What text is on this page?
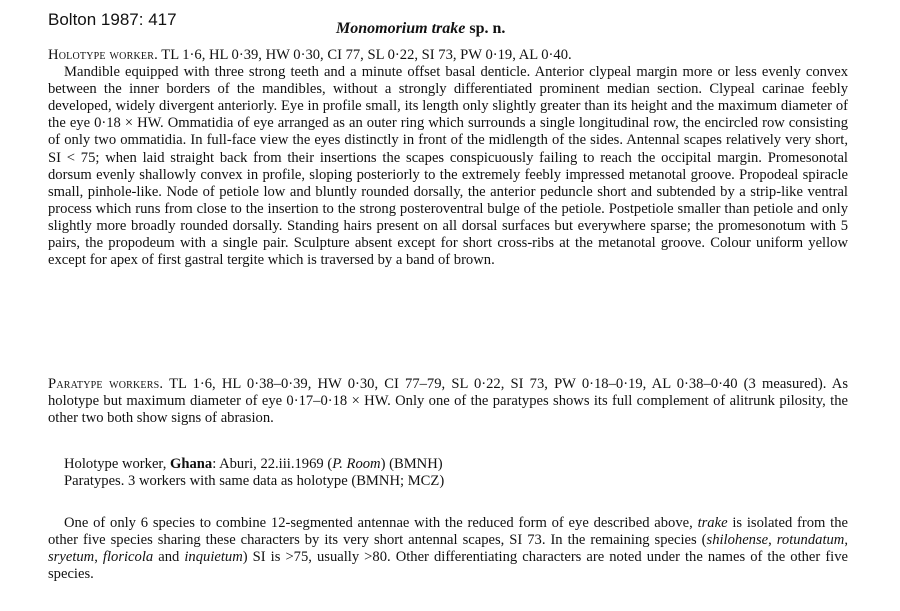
Bolton 1987: 417	Monomorium trake sp. n.
Holotype worker. TL 1·6, HL 0·39, HW 0·30, CI 77, SL 0·22, SI 73, PW 0·19, AL 0·40.
Mandible equipped with three strong teeth and a minute offset basal denticle. Anterior clypeal margin more or less evenly convex between the inner borders of the mandibles, without a strongly differentiated prominent median section. Clypeal carinae feebly developed, widely divergent anteriorly. Eye in profile small, its length only slightly greater than its height and the maximum diameter of the eye 0·18 × HW. Ommatidia of eye arranged as an outer ring which surrounds a single longitudinal row, the encircled row consisting of only two ommatidia. In full-face view the eyes distinctly in front of the midlength of the sides. Antennal scapes relatively very short, SI < 75; when laid straight back from their insertions the scapes conspicuously failing to reach the occipital margin. Promesonotal dorsum evenly shallowly convex in profile, sloping posteriorly to the extremely feebly impressed metanotal groove. Propodeal spiracle small, pinhole-like. Node of petiole low and bluntly rounded dorsally, the anterior peduncle short and subtended by a strip-like ventral process which runs from close to the insertion to the strong posteroventral bulge of the petiole. Postpetiole smaller than petiole and only slightly more broadly rounded dorsally. Standing hairs present on all dorsal surfaces but everywhere sparse; the promesonotum with 5 pairs, the propodeum with a single pair. Sculpture absent except for short cross-ribs at the metanotal groove. Colour uniform yellow except for apex of first gastral tergite which is traversed by a band of brown.
Paratype workers. TL 1·6, HL 0·38–0·39, HW 0·30, CI 77–79, SL 0·22, SI 73, PW 0·18–0·19, AL 0·38–0·40 (3 measured). As holotype but maximum diameter of eye 0·17–0·18 × HW. Only one of the paratypes shows its full complement of alitrunk pilosity, the other two both show signs of abrasion.
Holotype worker, Ghana: Aburi, 22.iii.1969 (P. Room) (BMNH)
Paratypes. 3 workers with same data as holotype (BMNH; MCZ)
One of only 6 species to combine 12-segmented antennae with the reduced form of eye described above, trake is isolated from the other five species sharing these characters by its very short antennal scapes, SI 73. In the remaining species (shilohense, rotundatum, sryetum, floricola and inquietum) SI is >75, usually >80. Other differentiating characters are noted under the names of the other five species.
